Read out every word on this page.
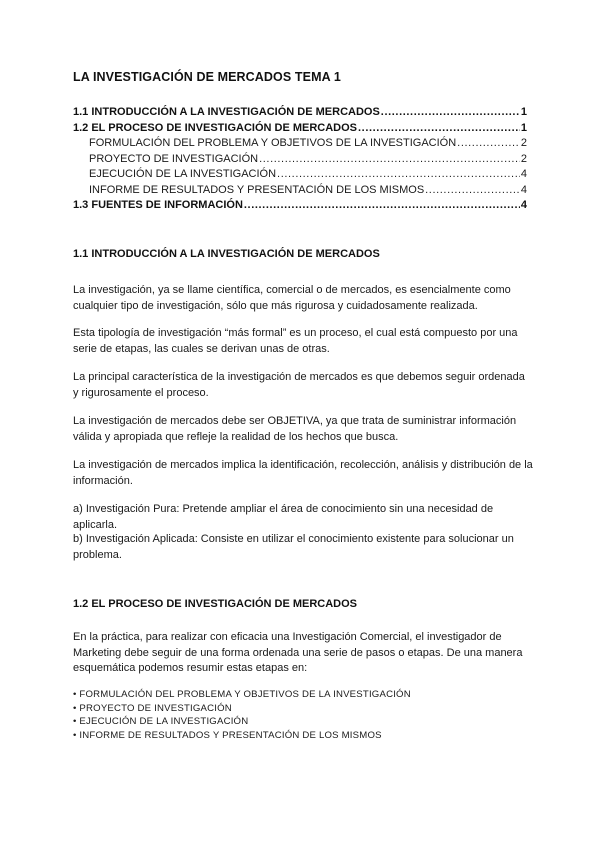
LA INVESTIGACIÓN DE MERCADOS TEMA 1
1.1 INTRODUCCIÓN A LA INVESTIGACIÓN DE MERCADOS .....	1
1.2 EL PROCESO DE INVESTIGACIÓN DE MERCADOS .....	1
FORMULACIÓN DEL PROBLEMA Y OBJETIVOS DE LA INVESTIGACIÓN .....	2
PROYECTO DE INVESTIGACIÓN .....	2
EJECUCIÓN DE LA INVESTIGACIÓN .....	4
INFORME DE RESULTADOS Y PRESENTACIÓN DE LOS MISMOS .....	4
1.3 FUENTES DE INFORMACIÓN .....	4
1.1 INTRODUCCIÓN A LA INVESTIGACIÓN DE MERCADOS
La investigación, ya se llame científica, comercial o de mercados, es esencialmente como cualquier tipo de investigación, sólo que más rigurosa y cuidadosamente realizada.
Esta tipología de investigación “más formal” es un proceso, el cual está compuesto por una serie de etapas, las cuales se derivan unas de otras.
La principal característica de la investigación de mercados es que debemos seguir ordenada y rigurosamente el proceso.
La investigación de mercados debe ser OBJETIVA, ya que trata de suministrar información válida y apropiada que refleje la realidad de los hechos que busca.
La investigación de mercados implica la identificación, recolección, análisis y distribución de la información.
a) Investigación Pura: Pretende ampliar el área de conocimiento sin una necesidad de aplicarla.
b) Investigación Aplicada: Consiste en utilizar el conocimiento existente para solucionar un problema.
1.2 EL PROCESO DE INVESTIGACIÓN DE MERCADOS
En la práctica, para realizar con eficacia una Investigación Comercial, el investigador de Marketing debe seguir de una forma ordenada una serie de pasos o etapas. De una manera esquemática podemos resumir estas etapas en:
• FORMULACIÓN DEL PROBLEMA Y OBJETIVOS DE LA INVESTIGACIÓN
• PROYECTO DE INVESTIGACIÓN
• EJECUCIÓN DE LA INVESTIGACIÓN
• INFORME DE RESULTADOS Y PRESENTACIÓN DE LOS MISMOS
